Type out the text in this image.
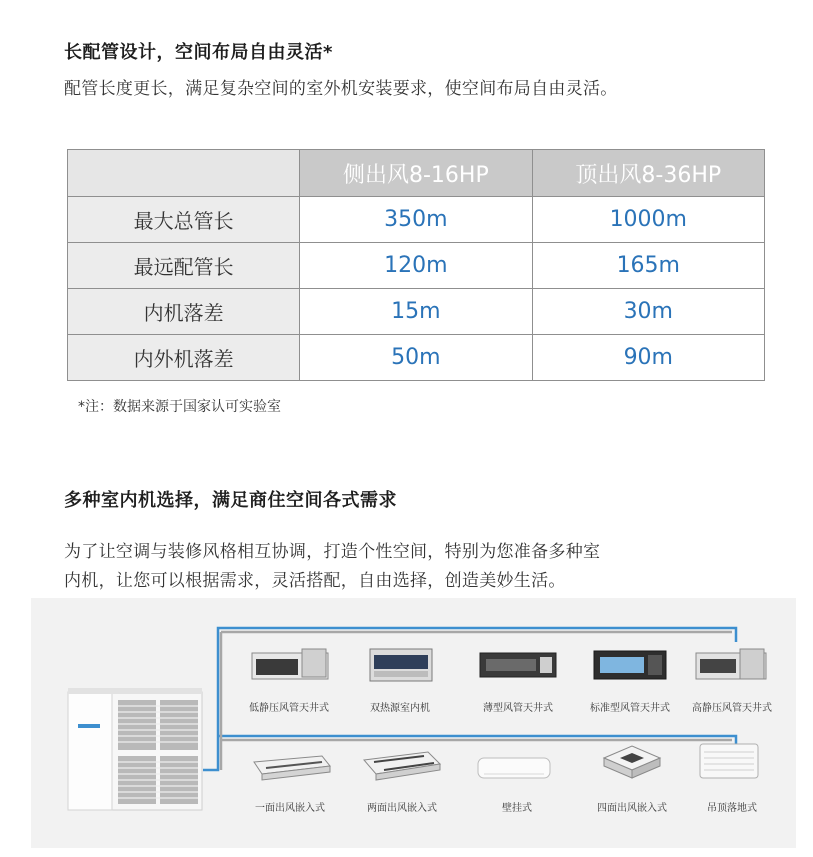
长配管设计，空间布局自由灵活*
配管长度更长，满足复杂空间的室外机安装要求，使空间布局自由灵活。
	侧出风8-16HP	顶出风8-36HP
最大总管长	350m	1000m
最远配管长	120m	165m
内机落差	15m	30m
内外机落差	50m	90m
*注：数据来源于国家认可实验室
多种室内机选择，满足商住空间各式需求
为了让空调与装修风格相互协调，打造个性空间，特别为您准备多种室
内机，让您可以根据需求，灵活搭配，自由选择，创造美妙生活。
低静压风管天井式	双热源室内机	薄型风管天井式	标准型风管天井式	高静压风管天井式
一面出风嵌入式	两面出风嵌入式	壁挂式	四面出风嵌入式	吊顶落地式
